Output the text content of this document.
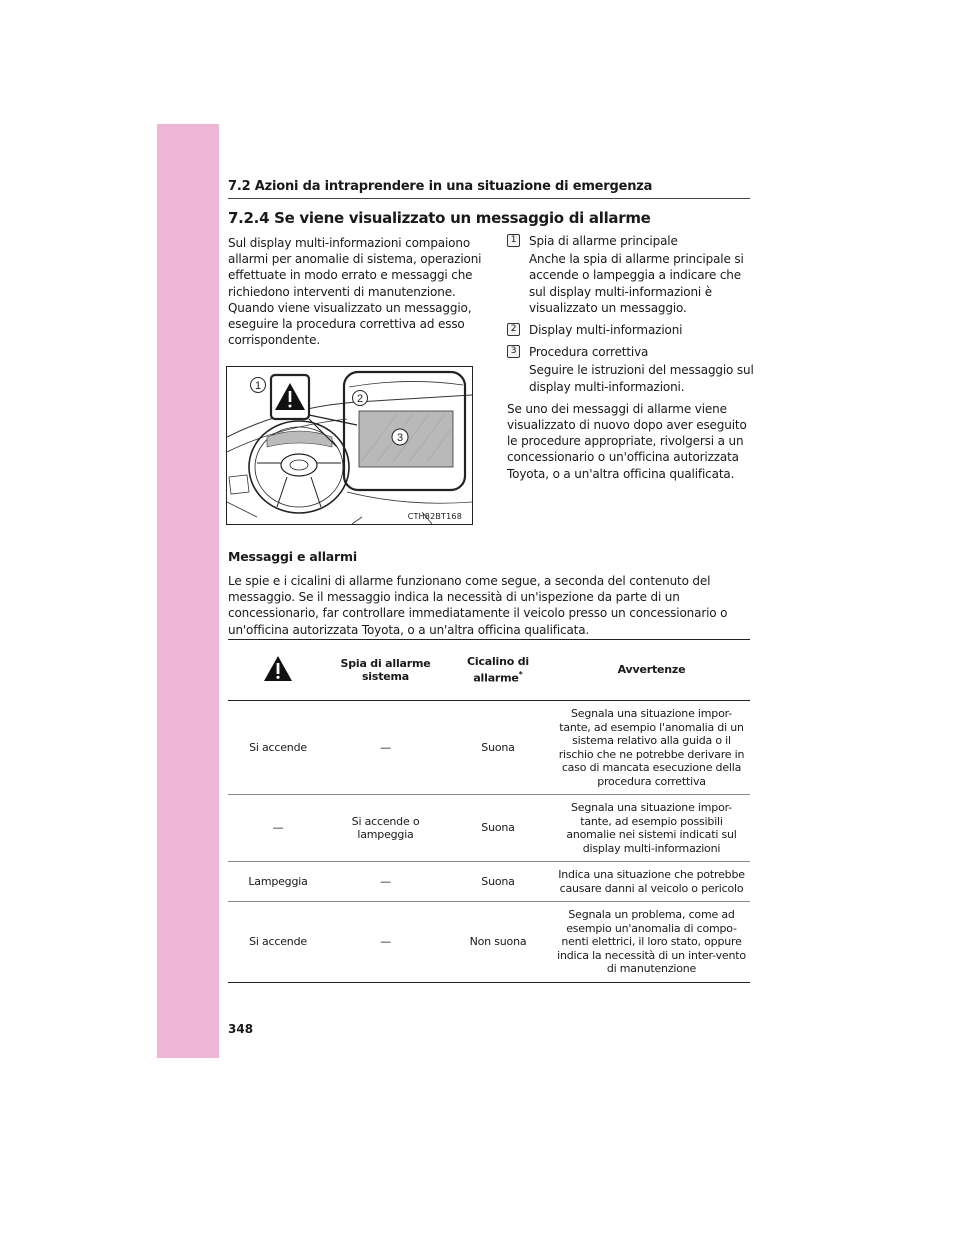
7.2 Azioni da intraprendere in una situazione di emergenza
7.2.4 Se viene visualizzato un messaggio di allarme
Sul display multi-informazioni compaiono allarmi per anomalie di sistema, operazioni effettuate in modo errato e messaggi che richiedono interventi di manutenzione. Quando viene visualizzato un messaggio, eseguire la procedura correttiva ad esso corrispondente.
1	Spia di allarme principale
Anche la spia di allarme principale si accende o lampeggia a indicare che sul display multi-informazioni è visualizzato un messaggio.
2	Display multi-informazioni
3	Procedura correttiva
Seguire le istruzioni del messaggio sul display multi-informazioni.
Se uno dei messaggi di allarme viene visualizzato di nuovo dopo aver eseguito le procedure appropriate, rivolgersi a un concessionario o un'officina autorizzata Toyota, o a un'altra officina qualificata.
1
2
3
CTH82BT168
Messaggi e allarmi
Le spie e i cicalini di allarme funzionano come segue, a seconda del contenuto del messaggio. Se il messaggio indica la necessità di un'ispezione da parte di un concessionario, far controllare immediatamente il veicolo presso un concessionario o un'officina autorizzata Toyota, o a un'altra officina qualificata.
	Spia di allarme sistema	Cicalino di allarme*	Avvertenze
Si accende	—	Suona	Segnala una situazione impor-tante, ad esempio l'anomalia di un sistema relativo alla guida o il rischio che ne potrebbe derivare in caso di mancata esecuzione della procedura correttiva
—	Si accende o lampeggia	Suona	Segnala una situazione impor-tante, ad esempio possibili anomalie nei sistemi indicati sul display multi-informazioni
Lampeggia	—	Suona	Indica una situazione che potrebbe causare danni al veicolo o pericolo
Si accende	—	Non suona	Segnala un problema, come ad esempio un'anomalia di compo-nenti elettrici, il loro stato, oppure indica la necessità di un inter-vento di manutenzione
348
